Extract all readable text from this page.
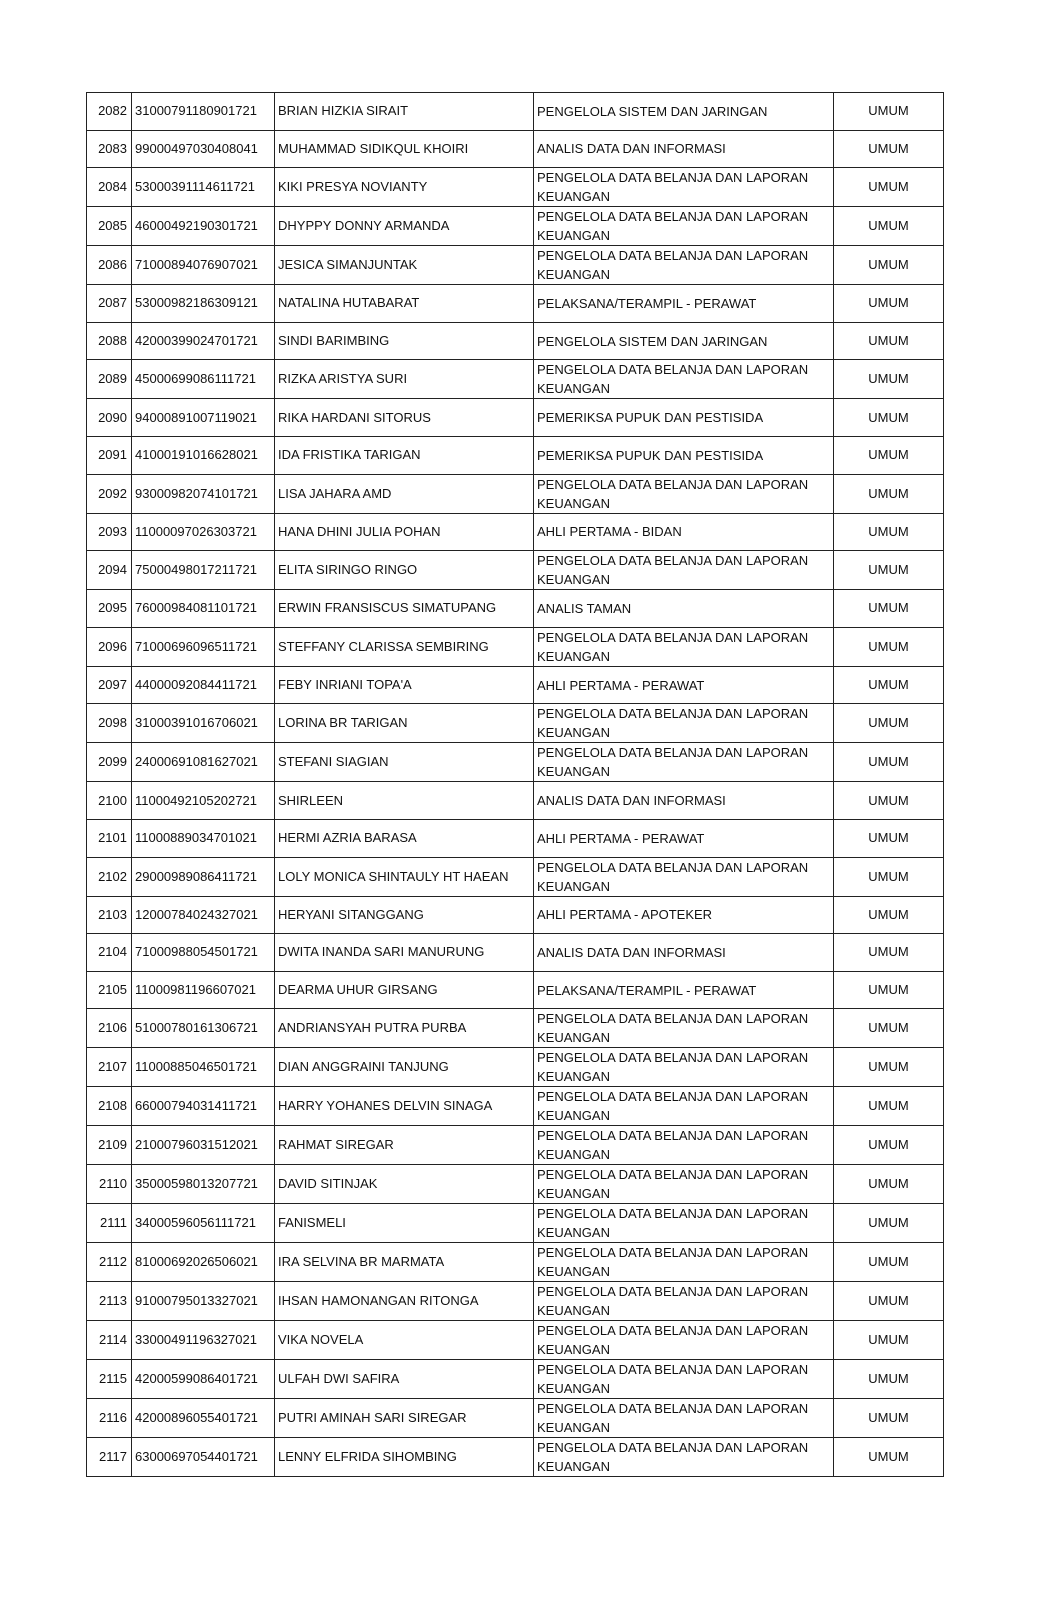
2082	31000791180901721	BRIAN HIZKIA SIRAIT	PENGELOLA SISTEM DAN JARINGAN	UMUM
2083	99000497030408041	MUHAMMAD SIDIKQUL KHOIRI	ANALIS DATA DAN INFORMASI	UMUM
2084	53000391114611721	KIKI PRESYA NOVIANTY	PENGELOLA DATA BELANJA DAN LAPORAN KEUANGAN	UMUM
2085	46000492190301721	DHYPPY DONNY ARMANDA	PENGELOLA DATA BELANJA DAN LAPORAN KEUANGAN	UMUM
2086	71000894076907021	JESICA SIMANJUNTAK	PENGELOLA DATA BELANJA DAN LAPORAN KEUANGAN	UMUM
2087	53000982186309121	NATALINA HUTABARAT	PELAKSANA/TERAMPIL - PERAWAT	UMUM
2088	42000399024701721	SINDI BARIMBING	PENGELOLA SISTEM DAN JARINGAN	UMUM
2089	45000699086111721	RIZKA ARISTYA SURI	PENGELOLA DATA BELANJA DAN LAPORAN KEUANGAN	UMUM
2090	94000891007119021	RIKA HARDANI SITORUS	PEMERIKSA PUPUK DAN PESTISIDA	UMUM
2091	41000191016628021	IDA FRISTIKA TARIGAN	PEMERIKSA PUPUK DAN PESTISIDA	UMUM
2092	93000982074101721	LISA JAHARA AMD	PENGELOLA DATA BELANJA DAN LAPORAN KEUANGAN	UMUM
2093	11000097026303721	HANA DHINI JULIA POHAN	AHLI PERTAMA - BIDAN	UMUM
2094	75000498017211721	ELITA SIRINGO RINGO	PENGELOLA DATA BELANJA DAN LAPORAN KEUANGAN	UMUM
2095	76000984081101721	ERWIN FRANSISCUS SIMATUPANG	ANALIS TAMAN	UMUM
2096	71000696096511721	STEFFANY CLARISSA SEMBIRING	PENGELOLA DATA BELANJA DAN LAPORAN KEUANGAN	UMUM
2097	44000092084411721	FEBY INRIANI TOPA'A	AHLI PERTAMA - PERAWAT	UMUM
2098	31000391016706021	LORINA BR TARIGAN	PENGELOLA DATA BELANJA DAN LAPORAN KEUANGAN	UMUM
2099	24000691081627021	STEFANI SIAGIAN	PENGELOLA DATA BELANJA DAN LAPORAN KEUANGAN	UMUM
2100	11000492105202721	SHIRLEEN	ANALIS DATA DAN INFORMASI	UMUM
2101	11000889034701021	HERMI AZRIA BARASA	AHLI PERTAMA - PERAWAT	UMUM
2102	29000989086411721	LOLY MONICA SHINTAULY HT HAEAN	PENGELOLA DATA BELANJA DAN LAPORAN KEUANGAN	UMUM
2103	12000784024327021	HERYANI SITANGGANG	AHLI PERTAMA - APOTEKER	UMUM
2104	71000988054501721	DWITA INANDA SARI MANURUNG	ANALIS DATA DAN INFORMASI	UMUM
2105	11000981196607021	DEARMA UHUR GIRSANG	PELAKSANA/TERAMPIL - PERAWAT	UMUM
2106	51000780161306721	ANDRIANSYAH PUTRA PURBA	PENGELOLA DATA BELANJA DAN LAPORAN KEUANGAN	UMUM
2107	11000885046501721	DIAN ANGGRAINI TANJUNG	PENGELOLA DATA BELANJA DAN LAPORAN KEUANGAN	UMUM
2108	66000794031411721	HARRY YOHANES DELVIN SINAGA	PENGELOLA DATA BELANJA DAN LAPORAN KEUANGAN	UMUM
2109	21000796031512021	RAHMAT SIREGAR	PENGELOLA DATA BELANJA DAN LAPORAN KEUANGAN	UMUM
2110	35000598013207721	DAVID SITINJAK	PENGELOLA DATA BELANJA DAN LAPORAN KEUANGAN	UMUM
2111	34000596056111721	FANISMELI	PENGELOLA DATA BELANJA DAN LAPORAN KEUANGAN	UMUM
2112	81000692026506021	IRA SELVINA BR MARMATA	PENGELOLA DATA BELANJA DAN LAPORAN KEUANGAN	UMUM
2113	91000795013327021	IHSAN HAMONANGAN RITONGA	PENGELOLA DATA BELANJA DAN LAPORAN KEUANGAN	UMUM
2114	33000491196327021	VIKA NOVELA	PENGELOLA DATA BELANJA DAN LAPORAN KEUANGAN	UMUM
2115	42000599086401721	ULFAH DWI SAFIRA	PENGELOLA DATA BELANJA DAN LAPORAN KEUANGAN	UMUM
2116	42000896055401721	PUTRI AMINAH SARI SIREGAR	PENGELOLA DATA BELANJA DAN LAPORAN KEUANGAN	UMUM
2117	63000697054401721	LENNY ELFRIDA SIHOMBING	PENGELOLA DATA BELANJA DAN LAPORAN KEUANGAN	UMUM
